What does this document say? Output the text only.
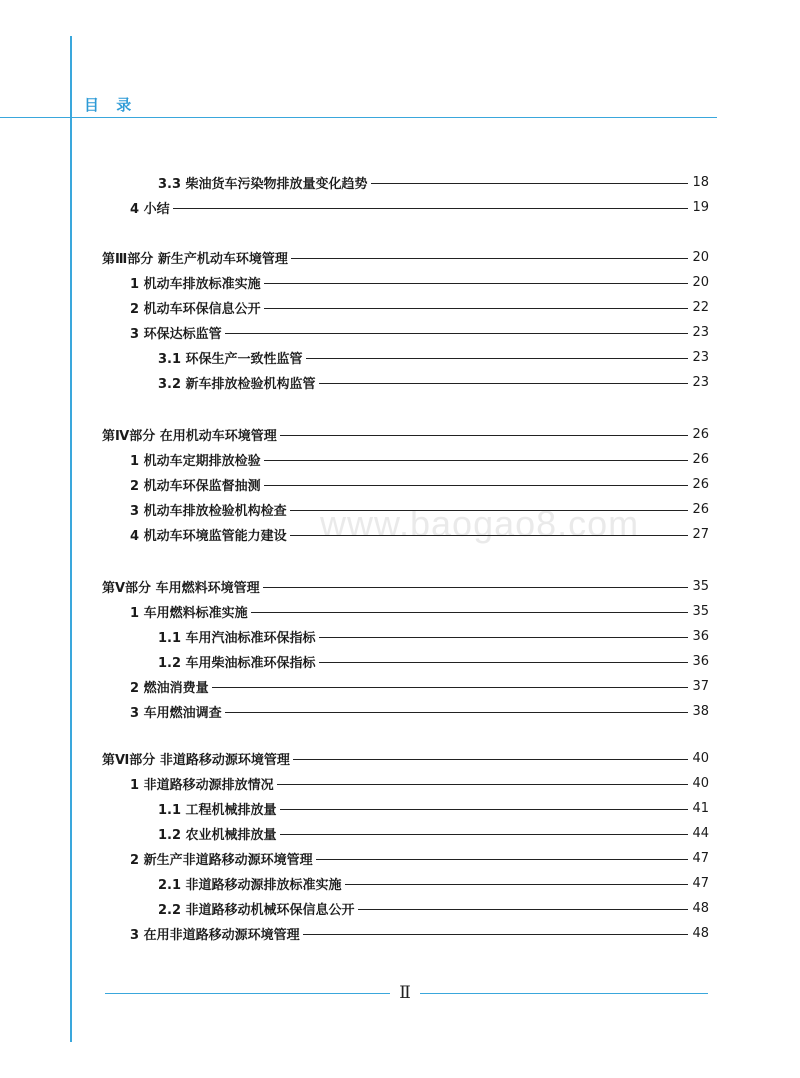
目 录
www.baogao8.com
3.3 柴油货车污染物排放量变化趋势	18
4 小结	19
第Ⅲ部分 新生产机动车环境管理	20
1 机动车排放标准实施	20
2 机动车环保信息公开	22
3 环保达标监管	23
3.1 环保生产一致性监管	23
3.2 新车排放检验机构监管	23
第Ⅳ部分 在用机动车环境管理	26
1 机动车定期排放检验	26
2 机动车环保监督抽测	26
3 机动车排放检验机构检查	26
4 机动车环境监管能力建设	27
第Ⅴ部分 车用燃料环境管理	35
1 车用燃料标准实施	35
1.1 车用汽油标准环保指标	36
1.2 车用柴油标准环保指标	36
2 燃油消费量	37
3 车用燃油调查	38
第Ⅵ部分 非道路移动源环境管理	40
1 非道路移动源排放情况	40
1.1 工程机械排放量	41
1.2 农业机械排放量	44
2 新生产非道路移动源环境管理	47
2.1 非道路移动源排放标准实施	47
2.2 非道路移动机械环保信息公开	48
3 在用非道路移动源环境管理	48
Ⅱ
